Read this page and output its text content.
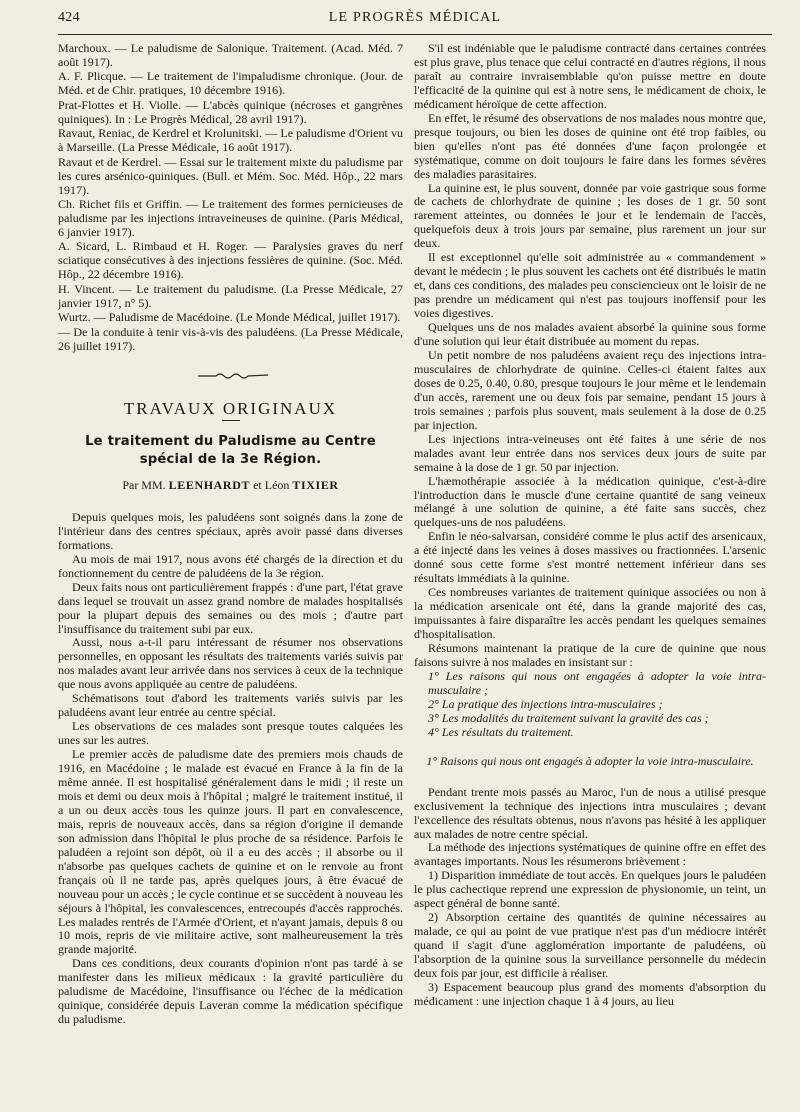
424	LE PROGRÈS MÉDICAL

Marchoux. — Le paludisme de Salonique. Traitement. (Acad. Méd. 7 août 1917).

A. F. Plicque. — Le traitement de l'impaludisme chronique. (Jour. de Méd. et de Chir. pratiques, 10 décembre 1916).

Prat-Flottes et H. Violle. — L'abcès quinique (nécroses et gangrènes quiniques). In : Le Progrès Médical, 28 avril 1917).

Ravaut, Reniac, de Kerdrel et Krolunitski. — Le paludisme d'Orient vu à Marseille. (La Presse Médicale, 16 août 1917).

Ravaut et de Kerdrel. — Essai sur le traitement mixte du paludisme par les cures arsénico-quiniques. (Bull. et Mém. Soc. Méd. Hôp., 22 mars 1917).

Ch. Richet fils et Griffin. — Le traitement des formes pernicieuses de paludisme par les injections intraveineuses de quinine. (Paris Médical, 6 janvier 1917).

A. Sicard, L. Rimbaud et H. Roger. — Paralysies graves du nerf sciatique consécutives à des injections fessières de quinine. (Soc. Méd. Hôp., 22 décembre 1916).

H. Vincent. — Le traitement du paludisme. (La Presse Médicale, 27 janvier 1917, n° 5).

Wurtz. — Paludisme de Macédoine. (Le Monde Médical, juillet 1917).

— De la conduite à tenir vis-à-vis des paludéens. (La Presse Médicale, 26 juillet 1917).

TRAVAUX ORIGINAUX
Le traitement du Paludisme au Centre spécial de la 3e Région.
Par MM. LEENHARDT et Léon TIXIER

Depuis quelques mois, les paludéens sont soignés dans la zone de l'intérieur dans des centres spéciaux, après avoir passé dans diverses formations.

Au mois de mai 1917, nous avons été chargés de la direction et du fonctionnement du centre de paludéens de la 3e région.

Deux faits nous ont particulièrement frappés : d'une part, l'état grave dans lequel se trouvait un assez grand nombre de malades hospitalisés pour la plupart depuis des semaines ou des mois ; d'autre part l'insuffisance du traitement subi par eux.

Aussi, nous a-t-il paru intéressant de résumer nos observations personnelles, en opposant les résultats des traitements variés suivis par nos malades avant leur arrivée dans nos services à ceux de la technique que nous avons appliquée au centre de paludéens.

Schématisons tout d'abord les traitements variés suivis par les paludéens avant leur entrée au centre spécial.

Les observations de ces malades sont presque toutes calquées les unes sur les autres.

Le premier accès de paludisme date des premiers mois chauds de 1916, en Macédoine ; le malade est évacué en France à la fin de la même année. Il est hospitalisé généralement dans le midi ; il reste un mois et demi ou deux mois à l'hôpital ; malgré le traitement institué, il a un ou deux accès tous les quinze jours. Il part en convalescence, mais, repris de nouveaux accès, dans sa région d'origine il demande son admission dans l'hôpital le plus proche de sa résidence. Parfois le paludéen a rejoint son dépôt, où il a eu des accès ; il absorbe ou il n'absorbe pas quelques cachets de quinine et on le renvoie au front français où il ne tarde pas, après quelques jours, à être évacué de nouveau pour un accès ; le cycle continue et se succèdent à nouveau les séjours à l'hôpital, les convalescences, entrecoupés d'accès rapprochés. Les malades rentrés de l'Armée d'Orient, et n'ayant jamais, depuis 8 ou 10 mois, repris de vie militaire active, sont malheureusement la très grande majorité.

Dans ces conditions, deux courants d'opinion n'ont pas tardé à se manifester dans les milieux médicaux : la gravité particulière du paludisme de Macédoine, l'insuffisance ou l'échec de la médication quinique, considérée depuis Laveran comme la médication spécifique du paludisme.

S'il est indéniable que le paludisme contracté dans certaines contrées est plus grave, plus tenace que celui contracté en d'autres régions, il nous paraît au contraire invraisemblable qu'on puisse mettre en doute l'efficacité de la quinine qui est à notre sens, le médicament de choix, le médicament héroïque de cette affection.

En effet, le résumé des observations de nos malades nous montre que, presque toujours, ou bien les doses de quinine ont été trop faibles, ou bien qu'elles n'ont pas été données d'une façon prolongée et systématique, comme on doit toujours le faire dans les formes sévères des maladies parasitaires.

La quinine est, le plus souvent, donnée par voie gastrique sous forme de cachets de chlorhydrate de quinine ; les doses de 1 gr. 50 sont rarement atteintes, ou données le jour et le lendemain de l'accès, quelquefois deux à trois jours par semaine, plus rarement un jour sur deux.

Il est exceptionnel qu'elle soit administrée au « commandement » devant le médecin ; le plus souvent les cachets ont été distribués le matin et, dans ces conditions, des malades peu consciencieux ont le loisir de ne pas prendre un médicament qui n'est pas toujours inoffensif pour les voies digestives.

Quelques uns de nos malades avaient absorbé la quinine sous forme d'une solution qui leur était distribuée au moment du repas.

Un petit nombre de nos paludéens avaient reçu des injections intra-musculaires de chlorhydrate de quinine. Celles-ci étaient faites aux doses de 0.25, 0.40, 0.80, presque toujours le jour même et le lendemain d'un accès, rarement une ou deux fois par semaine, pendant 15 jours à trois semaines ; parfois plus souvent, mais seulement à la dose de 0.25 par injection.

Les injections intra-veineuses ont été faites à une série de nos malades avant leur entrée dans nos services deux jours de suite par semaine à la dose de 1 gr. 50 par injection.

L'hæmothérapie associée à la médication quinique, c'est-à-dire l'introduction dans le muscle d'une certaine quantité de sang veineux mélangé à une solution de quinine, a été faite sans succès, chez quelques-uns de nos paludéens.

Enfin le néo-salvarsan, considéré comme le plus actif des arsenicaux, a été injecté dans les veines à doses massives ou fractionnées. L'arsenic donné sous cette forme s'est montré nettement inférieur dans ses résultats immédiats à la quinine.

Ces nombreuses variantes de traitement quinique associées ou non à la médication arsenicale ont été, dans la grande majorité des cas, impuissantes à faire disparaître les accès pendant les quelques semaines d'hospitalisation.

Résumons maintenant la pratique de la cure de quinine que nous faisons suivre à nos malades en insistant sur :

1° Les raisons qui nous ont engagées à adopter la voie intra-musculaire ;

2° La pratique des injections intra-musculaires ;

3° Les modalités du traitement suivant la gravité des cas ;

4° Les résultats du traitement.

1° Raisons qui nous ont engagés à adopter la voie intra-musculaire.

Pendant trente mois passés au Maroc, l'un de nous a utilisé presque exclusivement la technique des injections intra musculaires ; devant l'excellence des résultats obtenus, nous n'avons pas hésité à les appliquer aux malades de notre centre spécial.

La méthode des injections systématiques de quinine offre en effet des avantages importants. Nous les résumerons brièvement :

1) Disparition immédiate de tout accès. En quelques jours le paludéen le plus cachectique reprend une expression de physionomie, un teint, un aspect général de bonne santé.

2) Absorption certaine des quantités de quinine nécessaires au malade, ce qui au point de vue pratique n'est pas d'un médiocre intérêt quand il s'agit d'une agglomération importante de paludéens, où l'absorption de la quinine sous la surveillance personnelle du médecin deux fois par jour, est difficile à réaliser.

3) Espacement beaucoup plus grand des moments d'absorption du médicament : une injection chaque 1 à 4 jours, au lieu
